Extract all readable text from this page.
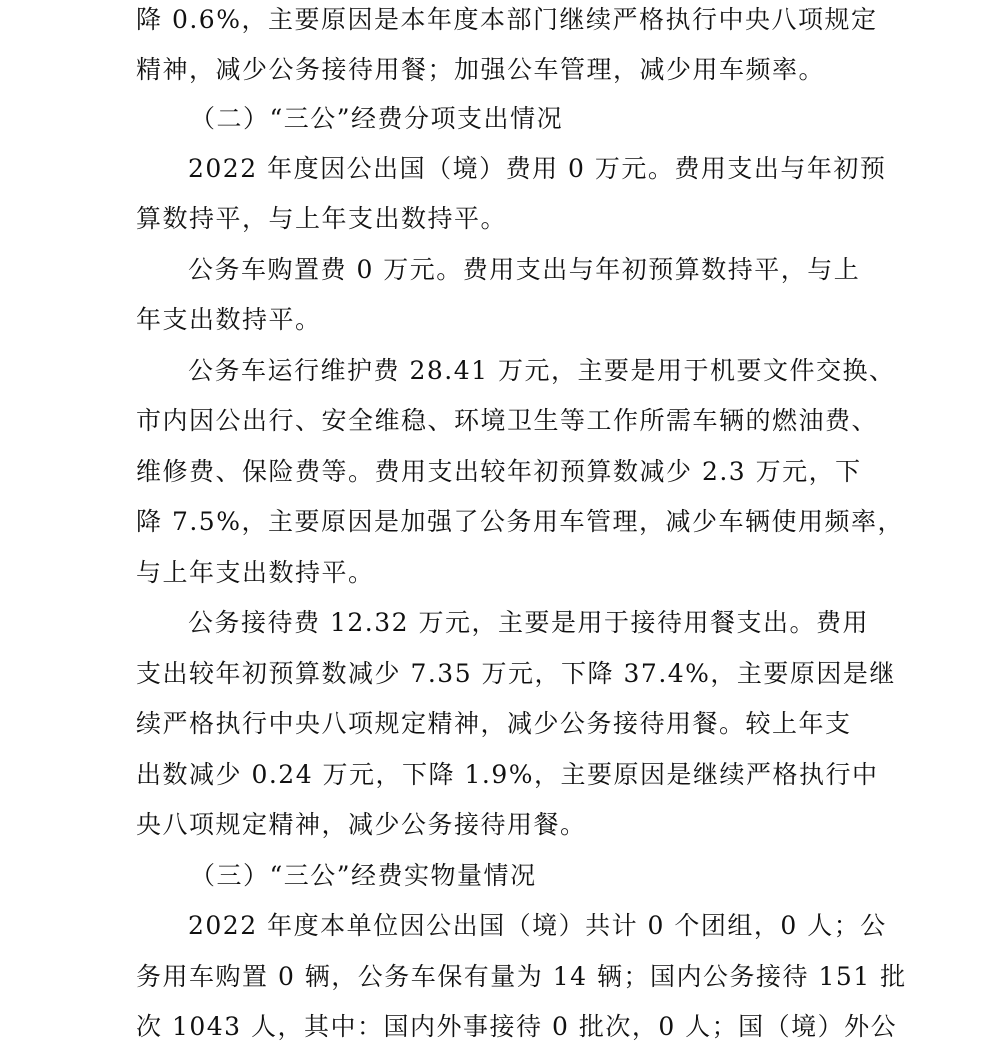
降 0.6%，主要原因是本年度本部门继续严格执行中央八项规定
精神，减少公务接待用餐；加强公车管理，减少用车频率。
（二）“三公”经费分项支出情况
2022 年度因公出国（境）费用 0 万元。费用支出与年初预
算数持平，与上年支出数持平。
公务车购置费 0 万元。费用支出与年初预算数持平，与上
年支出数持平。
公务车运行维护费 28.41 万元，主要是用于机要文件交换、
市内因公出行、安全维稳、环境卫生等工作所需车辆的燃油费、
维修费、保险费等。费用支出较年初预算数减少 2.3 万元，下
降 7.5%，主要原因是加强了公务用车管理，减少车辆使用频率，
与上年支出数持平。
公务接待费 12.32 万元，主要是用于接待用餐支出。费用
支出较年初预算数减少 7.35 万元，下降 37.4%，主要原因是继
续严格执行中央八项规定精神，减少公务接待用餐。较上年支
出数减少 0.24 万元，下降 1.9%，主要原因是继续严格执行中
央八项规定精神，减少公务接待用餐。
（三）“三公”经费实物量情况
2022 年度本单位因公出国（境）共计 0 个团组，0 人；公
务用车购置 0 辆，公务车保有量为 14 辆；国内公务接待 151 批
次 1043 人，其中：国内外事接待 0 批次，0 人；国（境）外公
